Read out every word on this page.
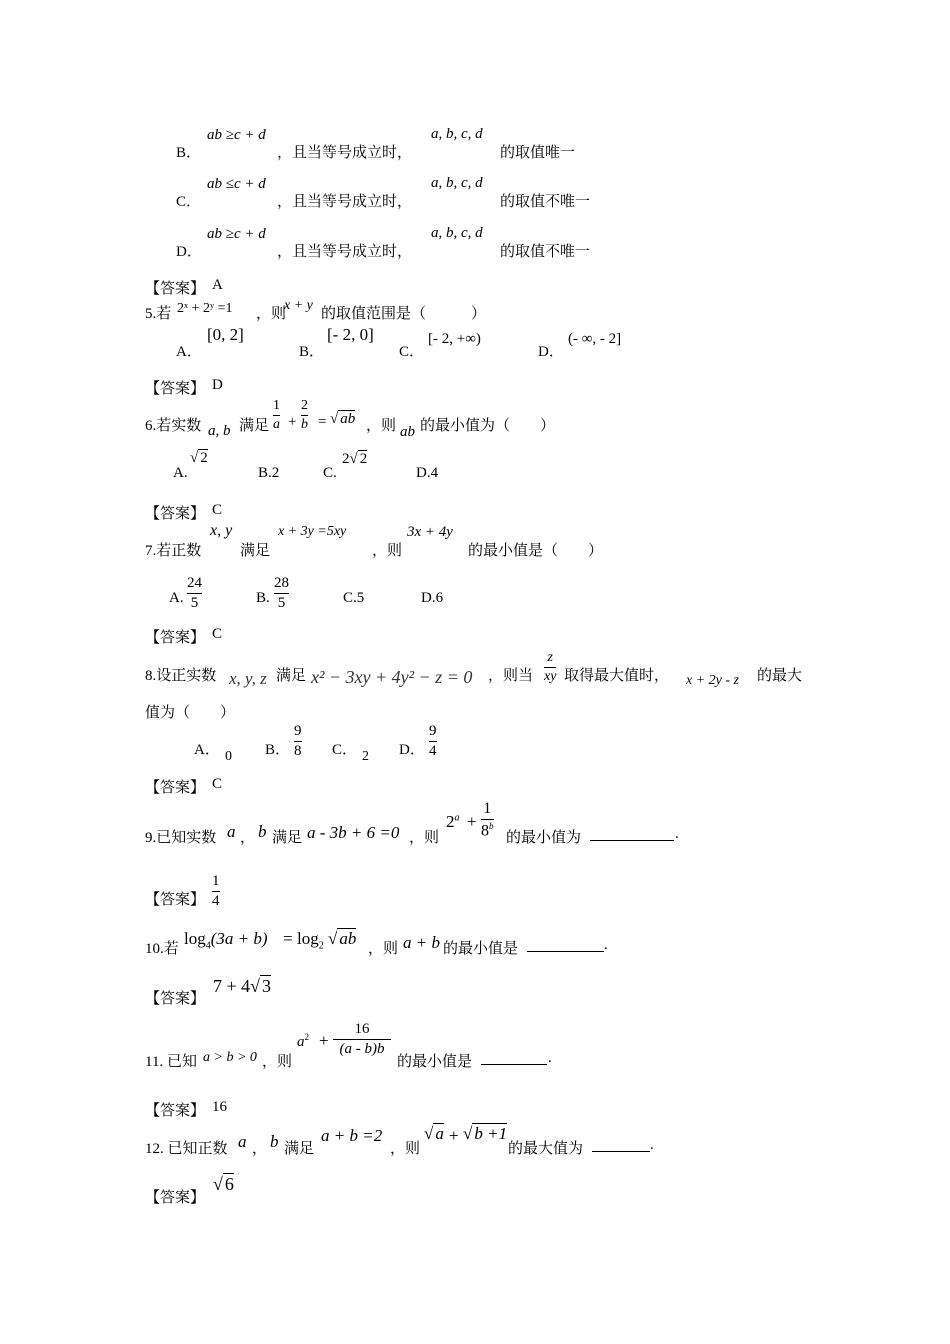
B．
ab ≥c + d
，且当等号成立时，
a, b, c, d
的取值唯一
C．
ab ≤c + d
，且当等号成立时，
a, b, c, d
的取值不唯一
D．
ab ≥c + d
，且当等号成立时，
a, b, c, d
的取值不唯一
【答案】 A
5.若 2ˣ + 2ʸ =1 ，则
x + y
的取值范围是（　　　）
A．
[0, 2]
B．
[- 2, 0]
C．
[- 2, +∞)
D．
(- ∞, - 2]
【答案】 D
6.若实数 a, b 满足 $\frac{1}{a} + \frac{2}{b}$ = √ ab ，则 ab 的最小值为（　　）
A.
√ 2
B.2	C.
2√ 2
D.4
【答案】 C
x, y
7.若正数	满足
x + 3y =5xy
，则
3x + 4y
的最小值是（　　）
A. $\frac{24}{5}$	B. $\frac{28}{5}$	C.5	D.6
【答案】 C
8.设正实数 x, y, z 满足 x² − 3xy + 4y² − z = 0 ，则当 $\frac{z}{xy}$ 取得最大值时， x + 2y - z 的最大
值为（　　）
A． 0 B． $\frac{9}{8}$ C． 2 D． $\frac{9}{4}$
【答案】 C
9.已知实数 a ， b 满足 a - 3b + 6 =0 ，则
$2^a + \frac{1}{8^b}$ 的最小值为	.
【答案】 $\frac{1}{4}$
10.若
$\log_4(3a + b) = \log_2$ √ ab
，则 a + b 的最小值是	.
【答案】
7 + 4√ 3
11. 已知 a > b > 0 ，则
$a^2 + \frac{16}{(a - b)b}$
的最小值是	.
【答案】 16
12. 已知正数 a ， b 满足
a + b =2
，则
√ a + √ b +1
的最大值为	.
【答案】
√ 6
